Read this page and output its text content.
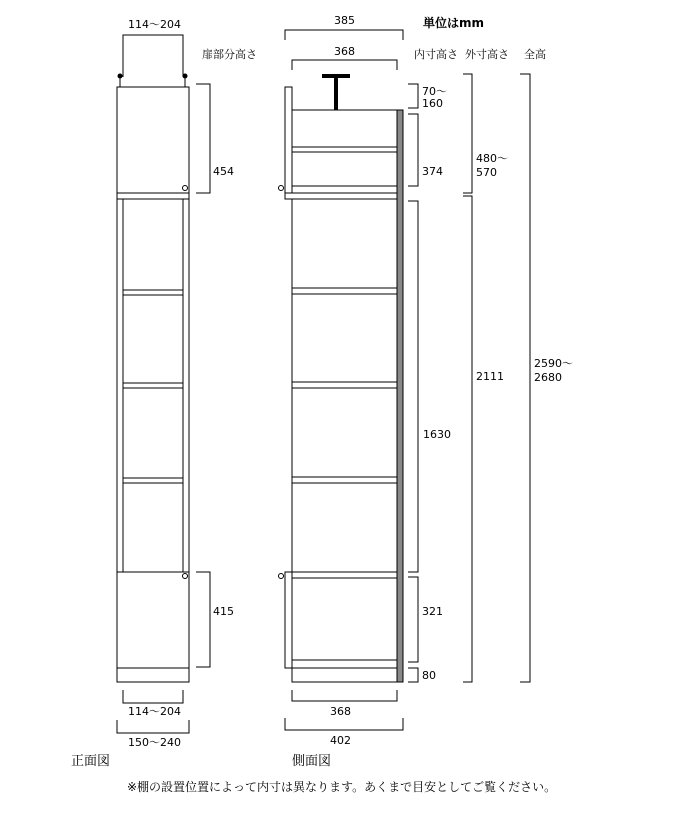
単位はmm
扉部分高さ	内寸高さ 外寸高さ 全高
114～204
454
415
114～204
150～240
正面図
385
368
70～ 160
374
1630
321
80
480～ 570
2111
2590～ 2680
368
402
側面図
※棚の設置位置によって内寸は異なります。あくまで目安としてご覧ください。
